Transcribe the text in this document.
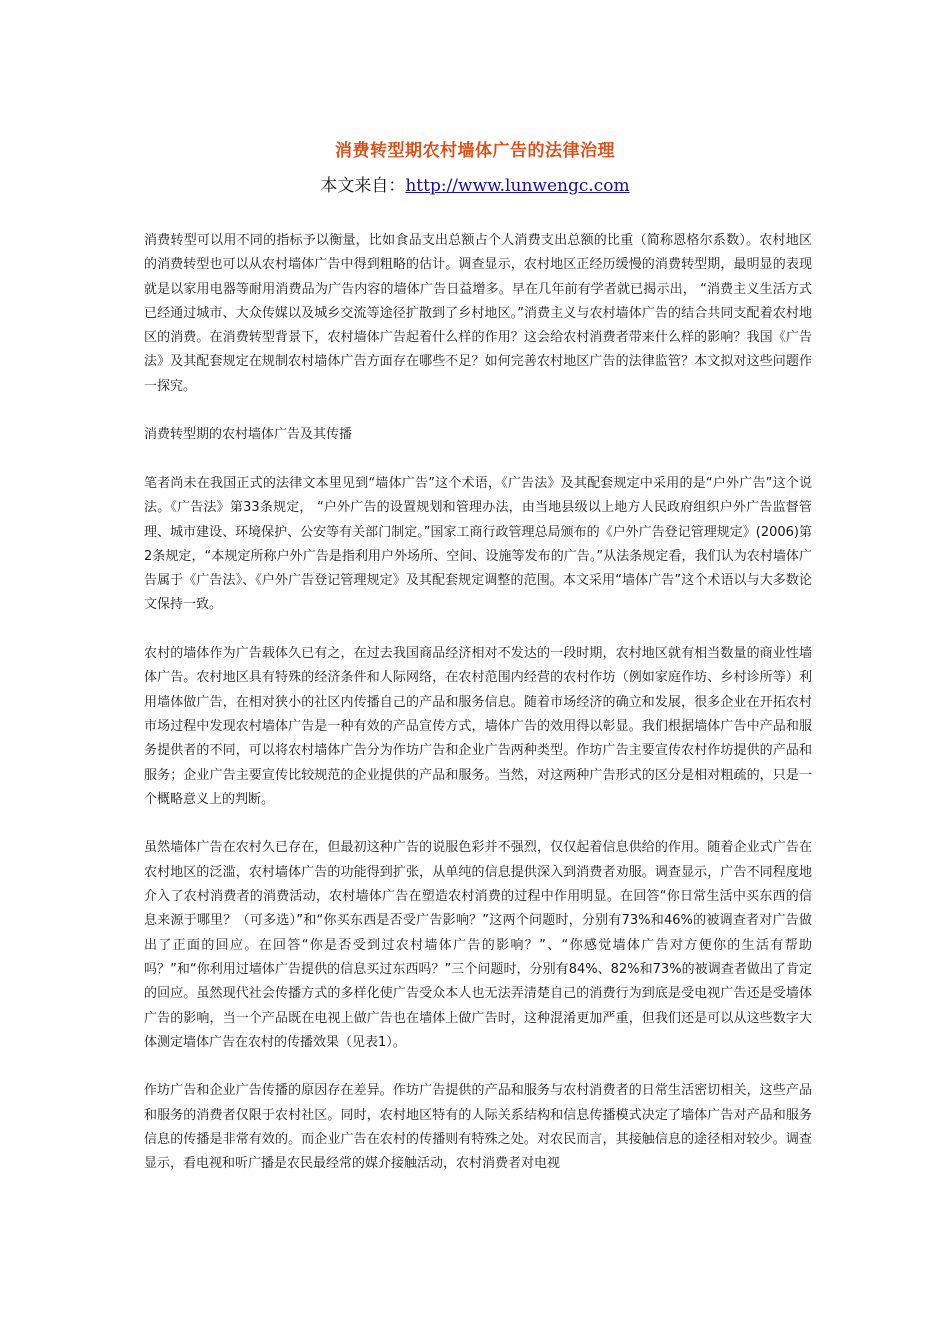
消费转型期农村墙体广告的法律治理
本文来自：http://www.lunwengc.com

消费转型可以用不同的指标予以衡量，比如食品支出总额占个人消费支出总额的比重（简称恩格尔系数）。农村地区的消费转型也可以从农村墙体广告中得到粗略的估计。调查显示，农村地区正经历缓慢的消费转型期，最明显的表现就是以家用电器等耐用消费品为广告内容的墙体广告日益增多。早在几年前有学者就已揭示出， “消费主义生活方式已经通过城市、大众传媒以及城乡交流等途径扩散到了乡村地区。”消费主义与农村墙体广告的结合共同支配着农村地区的消费。在消费转型背景下，农村墙体广告起着什么样的作用？这会给农村消费者带来什么样的影响？我国《广告法》及其配套规定在规制农村墙体广告方面存在哪些不足？如何完善农村地区广告的法律监管？本文拟对这些问题作一探究。

消费转型期的农村墙体广告及其传播

笔者尚未在我国正式的法律文本里见到“墙体广告”这个术语，《广告法》及其配套规定中采用的是“户外广告”这个说法。《广告法》第33条规定， “户外广告的设置规划和管理办法，由当地县级以上地方人民政府组织户外广告监督管理、城市建设、环境保护、公安等有关部门制定。”国家工商行政管理总局颁布的《户外广告登记管理规定》(2006)第2条规定，“本规定所称户外广告是指利用户外场所、空间、设施等发布的广告。”从法条规定看，我们认为农村墙体广告属于《广告法》、《户外广告登记管理规定》及其配套规定调整的范围。本文采用“墙体广告”这个术语以与大多数论文保持一致。

农村的墙体作为广告载体久已有之，在过去我国商品经济相对不发达的一段时期，农村地区就有相当数量的商业性墙体广告。农村地区具有特殊的经济条件和人际网络，在农村范围内经营的农村作坊（例如家庭作坊、乡村诊所等）利用墙体做广告，在相对狭小的社区内传播自己的产品和服务信息。随着市场经济的确立和发展，很多企业在开拓农村市场过程中发现农村墙体广告是一种有效的产品宣传方式，墙体广告的效用得以彰显。我们根据墙体广告中产品和服务提供者的不同，可以将农村墙体广告分为作坊广告和企业广告两种类型。作坊广告主要宣传农村作坊提供的产品和服务；企业广告主要宣传比较规范的企业提供的产品和服务。当然，对这两种广告形式的区分是相对粗疏的，只是一个概略意义上的判断。

虽然墙体广告在农村久已存在，但最初这种广告的说服色彩并不强烈，仅仅起着信息供给的作用。随着企业式广告在农村地区的泛滥，农村墙体广告的功能得到扩张，从单纯的信息提供深入到消费者劝服。调查显示，广告不同程度地介入了农村消费者的消费活动，农村墙体广告在塑造农村消费的过程中作用明显。在回答“你日常生活中买东西的信息来源于哪里？（可多选）”和“你买东西是否受广告影响？”这两个问题时，分别有73%和46%的被调查者对广告做出了正面的回应。在回答“你是否受到过农村墙体广告的影响？”、“你感觉墙体广告对方便你的生活有帮助吗？”和“你利用过墙体广告提供的信息买过东西吗？”三个问题时，分别有84%、82%和73%的被调查者做出了肯定的回应。虽然现代社会传播方式的多样化使广告受众本人也无法弄清楚自己的消费行为到底是受电视广告还是受墙体广告的影响，当一个产品既在电视上做广告也在墙体上做广告时，这种混淆更加严重，但我们还是可以从这些数字大体测定墙体广告在农村的传播效果（见表1）。

作坊广告和企业广告传播的原因存在差异。作坊广告提供的产品和服务与农村消费者的日常生活密切相关，这些产品和服务的消费者仅限于农村社区。同时，农村地区特有的人际关系结构和信息传播模式决定了墙体广告对产品和服务信息的传播是非常有效的。而企业广告在农村的传播则有特殊之处。对农民而言，其接触信息的途径相对较少。调查显示，看电视和听广播是农民最经常的媒介接触活动，农村消费者对电视
